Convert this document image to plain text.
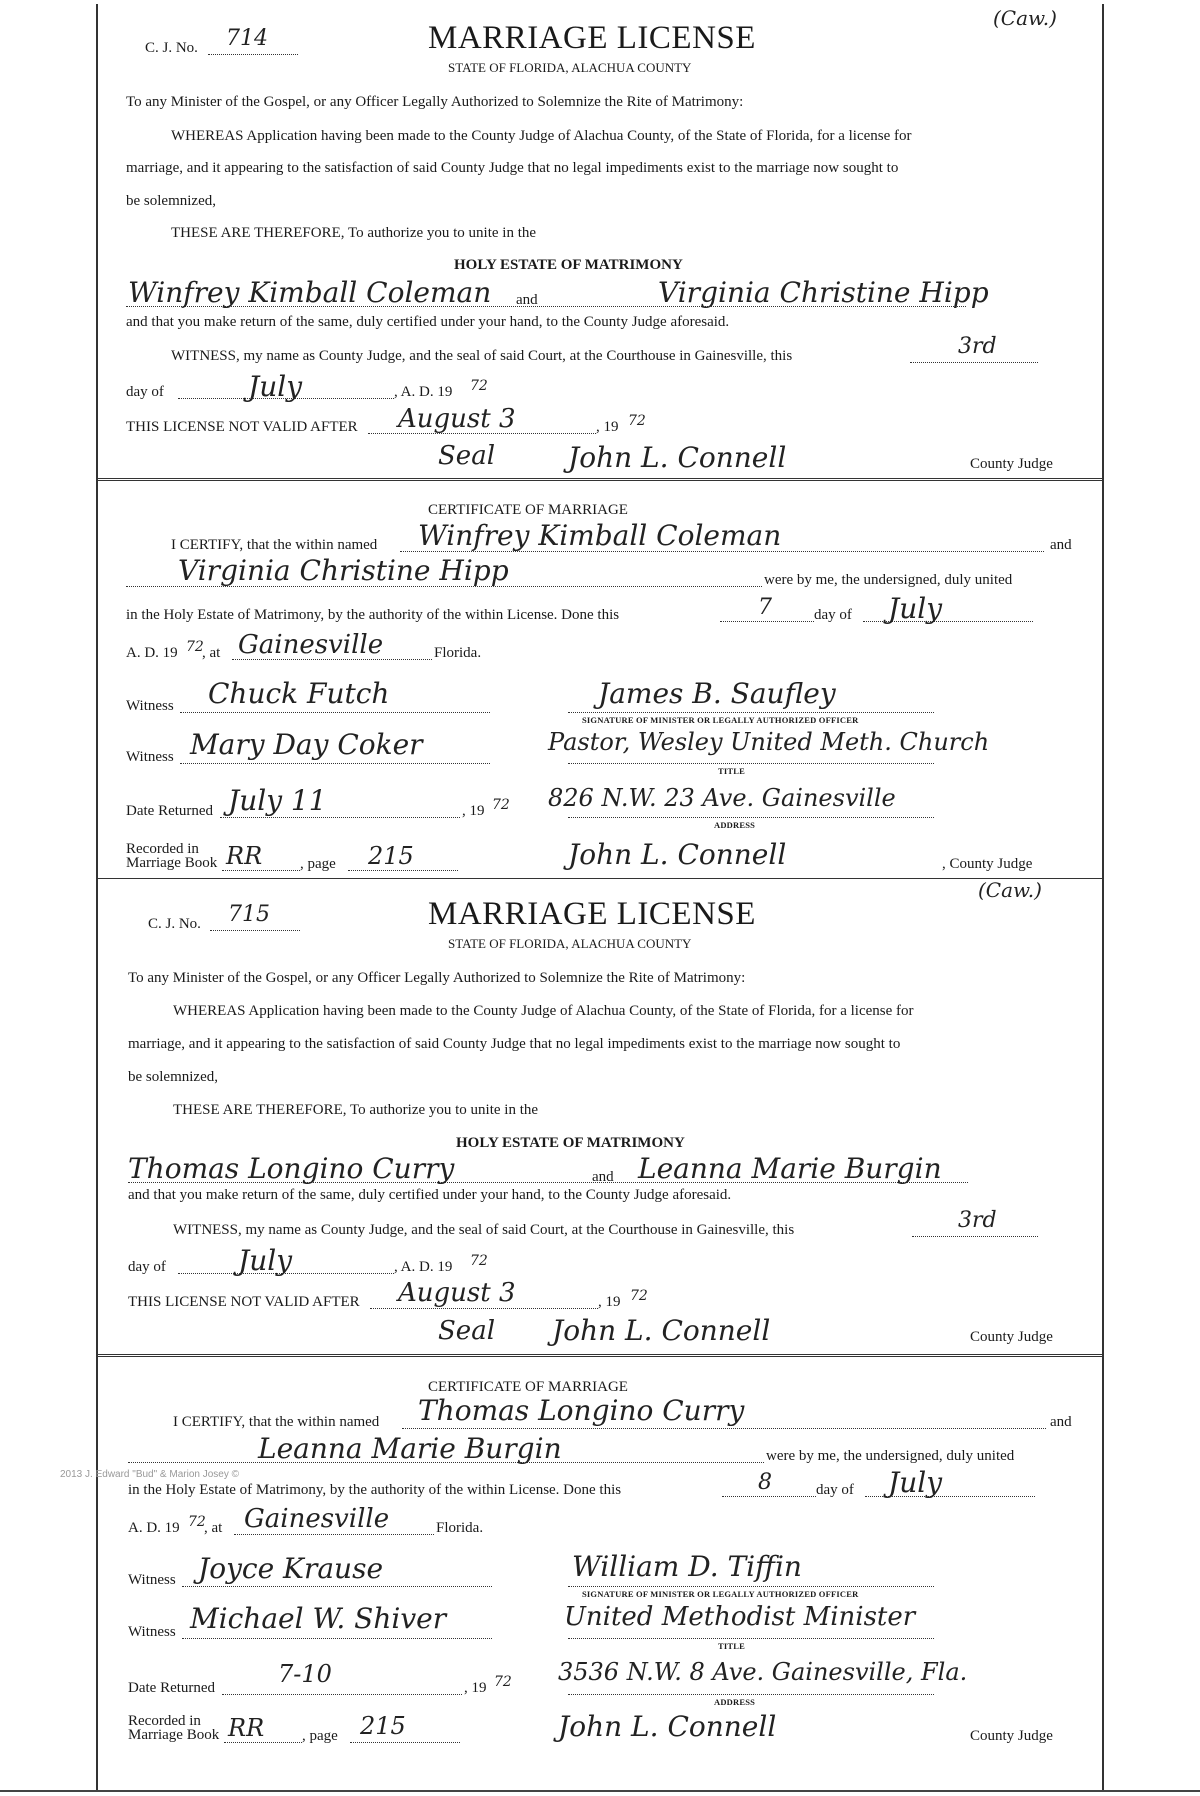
C. J. No. 714	MARRIAGE LICENSE
(Caw.)
STATE OF FLORIDA, ALACHUA COUNTY
To any Minister of the Gospel, or any Officer Legally Authorized to Solemnize the Rite of Matrimony:
WHEREAS Application having been made to the County Judge of Alachua County, of the State of Florida, for a license for
marriage, and it appearing to the satisfaction of said County Judge that no legal impediments exist to the marriage now sought to
be solemnized,
THESE ARE THEREFORE, To authorize you to unite in the
HOLY ESTATE OF MATRIMONY
Winfrey Kimball Coleman and	Virginia Christine Hipp
and that you make return of the same, duly certified under your hand, to the County Judge aforesaid.
WITNESS, my name as County Judge, and the seal of said Court, at the Courthouse in Gainesville, this	3rd
day of	July	, A. D. 19 72
THIS LICENSE NOT VALID AFTER August 3	, 19 72
Seal	John L. Connell	County Judge
CERTIFICATE OF MARRIAGE
I CERTIFY, that the within named Winfrey Kimball Coleman	and
Virginia Christine Hipp	were by me, the undersigned, duly united
in the Holy Estate of Matrimony, by the authority of the within License. Done this	7	day of July
A. D. 19 72
, at Gainesville	Florida.
Witness Chuck Futch	James B. Saufley
SIGNATURE OF MINISTER OR LEGALLY AUTHORIZED OFFICER
Witness Mary Day Coker	Pastor, Wesley United Meth. Church
TITLE
Date Returned July 11	, 19 72 826 N.W. 23 Ave. Gainesville
ADDRESS
Recorded in
Marriage Book RR	, page 215	John L. Connell	, County Judge
C. J. No. 715	MARRIAGE LICENSE
(Caw.)
STATE OF FLORIDA, ALACHUA COUNTY
To any Minister of the Gospel, or any Officer Legally Authorized to Solemnize the Rite of Matrimony:
WHEREAS Application having been made to the County Judge of Alachua County, of the State of Florida, for a license for
marriage, and it appearing to the satisfaction of said County Judge that no legal impediments exist to the marriage now sought to
be solemnized,
THESE ARE THEREFORE, To authorize you to unite in the
HOLY ESTATE OF MATRIMONY
Thomas Longino Curry	and Leanna Marie Burgin
and that you make return of the same, duly certified under your hand, to the County Judge aforesaid.
WITNESS, my name as County Judge, and the seal of said Court, at the Courthouse in Gainesville, this	3rd
day of	July	, A. D. 19 72
THIS LICENSE NOT VALID AFTER August 3	, 19 72
Seal John L. Connell	County Judge
CERTIFICATE OF MARRIAGE
I CERTIFY, that the within named Thomas Longino Curry	and
Leanna Marie Burgin	were by me, the undersigned, duly united
in the Holy Estate of Matrimony, by the authority of the within License. Done this	8	day of July
A. D. 19 72
, at Gainesville	Florida.
Witness Joyce Krause	William D. Tiffin
SIGNATURE OF MINISTER OR LEGALLY AUTHORIZED OFFICER
Witness Michael W. Shiver	United Methodist Minister
TITLE
Date Returned	7-10	, 19 72 3536 N.W. 8 Ave. Gainesville, Fla.
ADDRESS
Recorded in
Marriage Book RR	, page 215	John L. Connell	County Judge
2013 J. Edward "Bud" & Marion Josey ©
